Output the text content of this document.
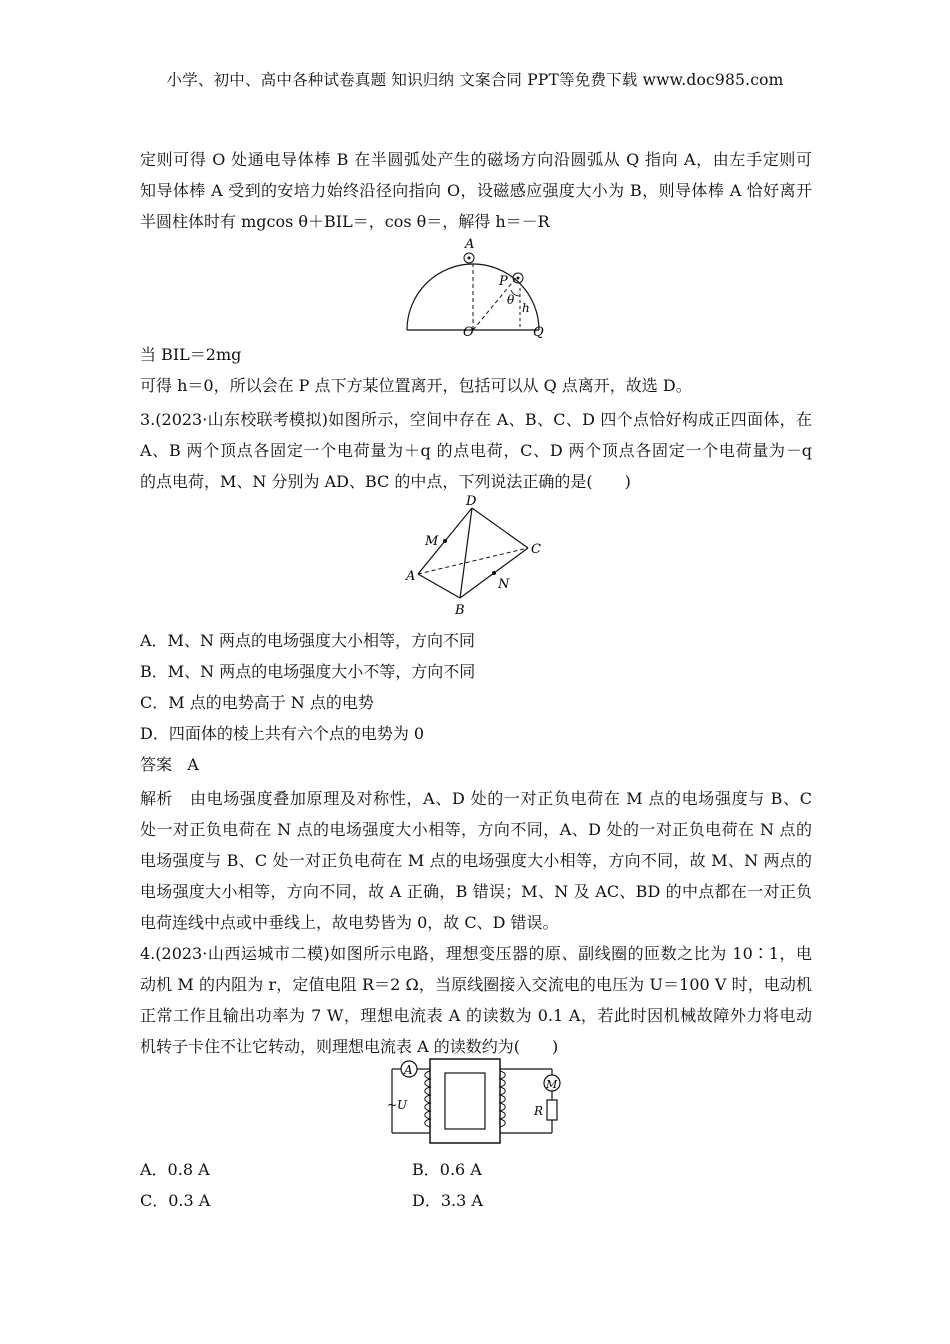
小学、初中、高中各种试卷真题 知识归纳 文案合同 PPT等免费下载 www.doc985.com
定则可得 O 处通电导体棒 B 在半圆弧处产生的磁场方向沿圆弧从 Q 指向 A，由左手定则可
知导体棒 A 受到的安培力始终沿径向指向 O，设磁感应强度大小为 B，则导体棒 A 恰好离开
半圆柱体时有 mgcos θ＋BIL＝，cos θ＝，解得 h＝－R
A
P
θ
h
O	Q
当 BIL＝2mg
可得 h＝0，所以会在 P 点下方某位置离开，包括可以从 Q 点离开，故选 D。
3.(2023·山东校联考模拟)如图所示，空间中存在 A、B、C、D 四个点恰好构成正四面体，在
A、B 两个顶点各固定一个电荷量为＋q 的点电荷，C、D 两个顶点各固定一个电荷量为－q
的点电荷，M、N 分别为 AD、BC 的中点，下列说法正确的是(　　)
D
M
C
A
N
B
A．M、N 两点的电场强度大小相等，方向不同
B．M、N 两点的电场强度大小不等，方向不同
C．M 点的电势高于 N 点的电势
D．四面体的棱上共有六个点的电势为 0
答案 A
解析　由电场强度叠加原理及对称性，A、D 处的一对正负电荷在 M 点的电场强度与 B、C
处一对正负电荷在 N 点的电场强度大小相等，方向不同，A、D 处的一对正负电荷在 N 点的
电场强度与 B、C 处一对正负电荷在 M 点的电场强度大小相等，方向不同，故 M、N 两点的
电场强度大小相等，方向不同，故 A 正确，B 错误；M、N 及 AC、BD 的中点都在一对正负
电荷连线中点或中垂线上，故电势皆为 0，故 C、D 错误。
4.(2023·山西运城市二模)如图所示电路，理想变压器的原、副线圈的匝数之比为 10∶1，电
动机 M 的内阻为 r，定值电阻 R＝2 Ω，当原线圈接入交流电的电压为 U＝100 V 时，电动机
正常工作且输出功率为 7 W，理想电流表 A 的读数为 0.1 A，若此时因机械故障外力将电动
机转子卡住不让它转动，则理想电流表 A 的读数约为(　　)
A
~U
M
R
A．0.8 A	B．0.6 A
C．0.3 A	D．3.3 A
